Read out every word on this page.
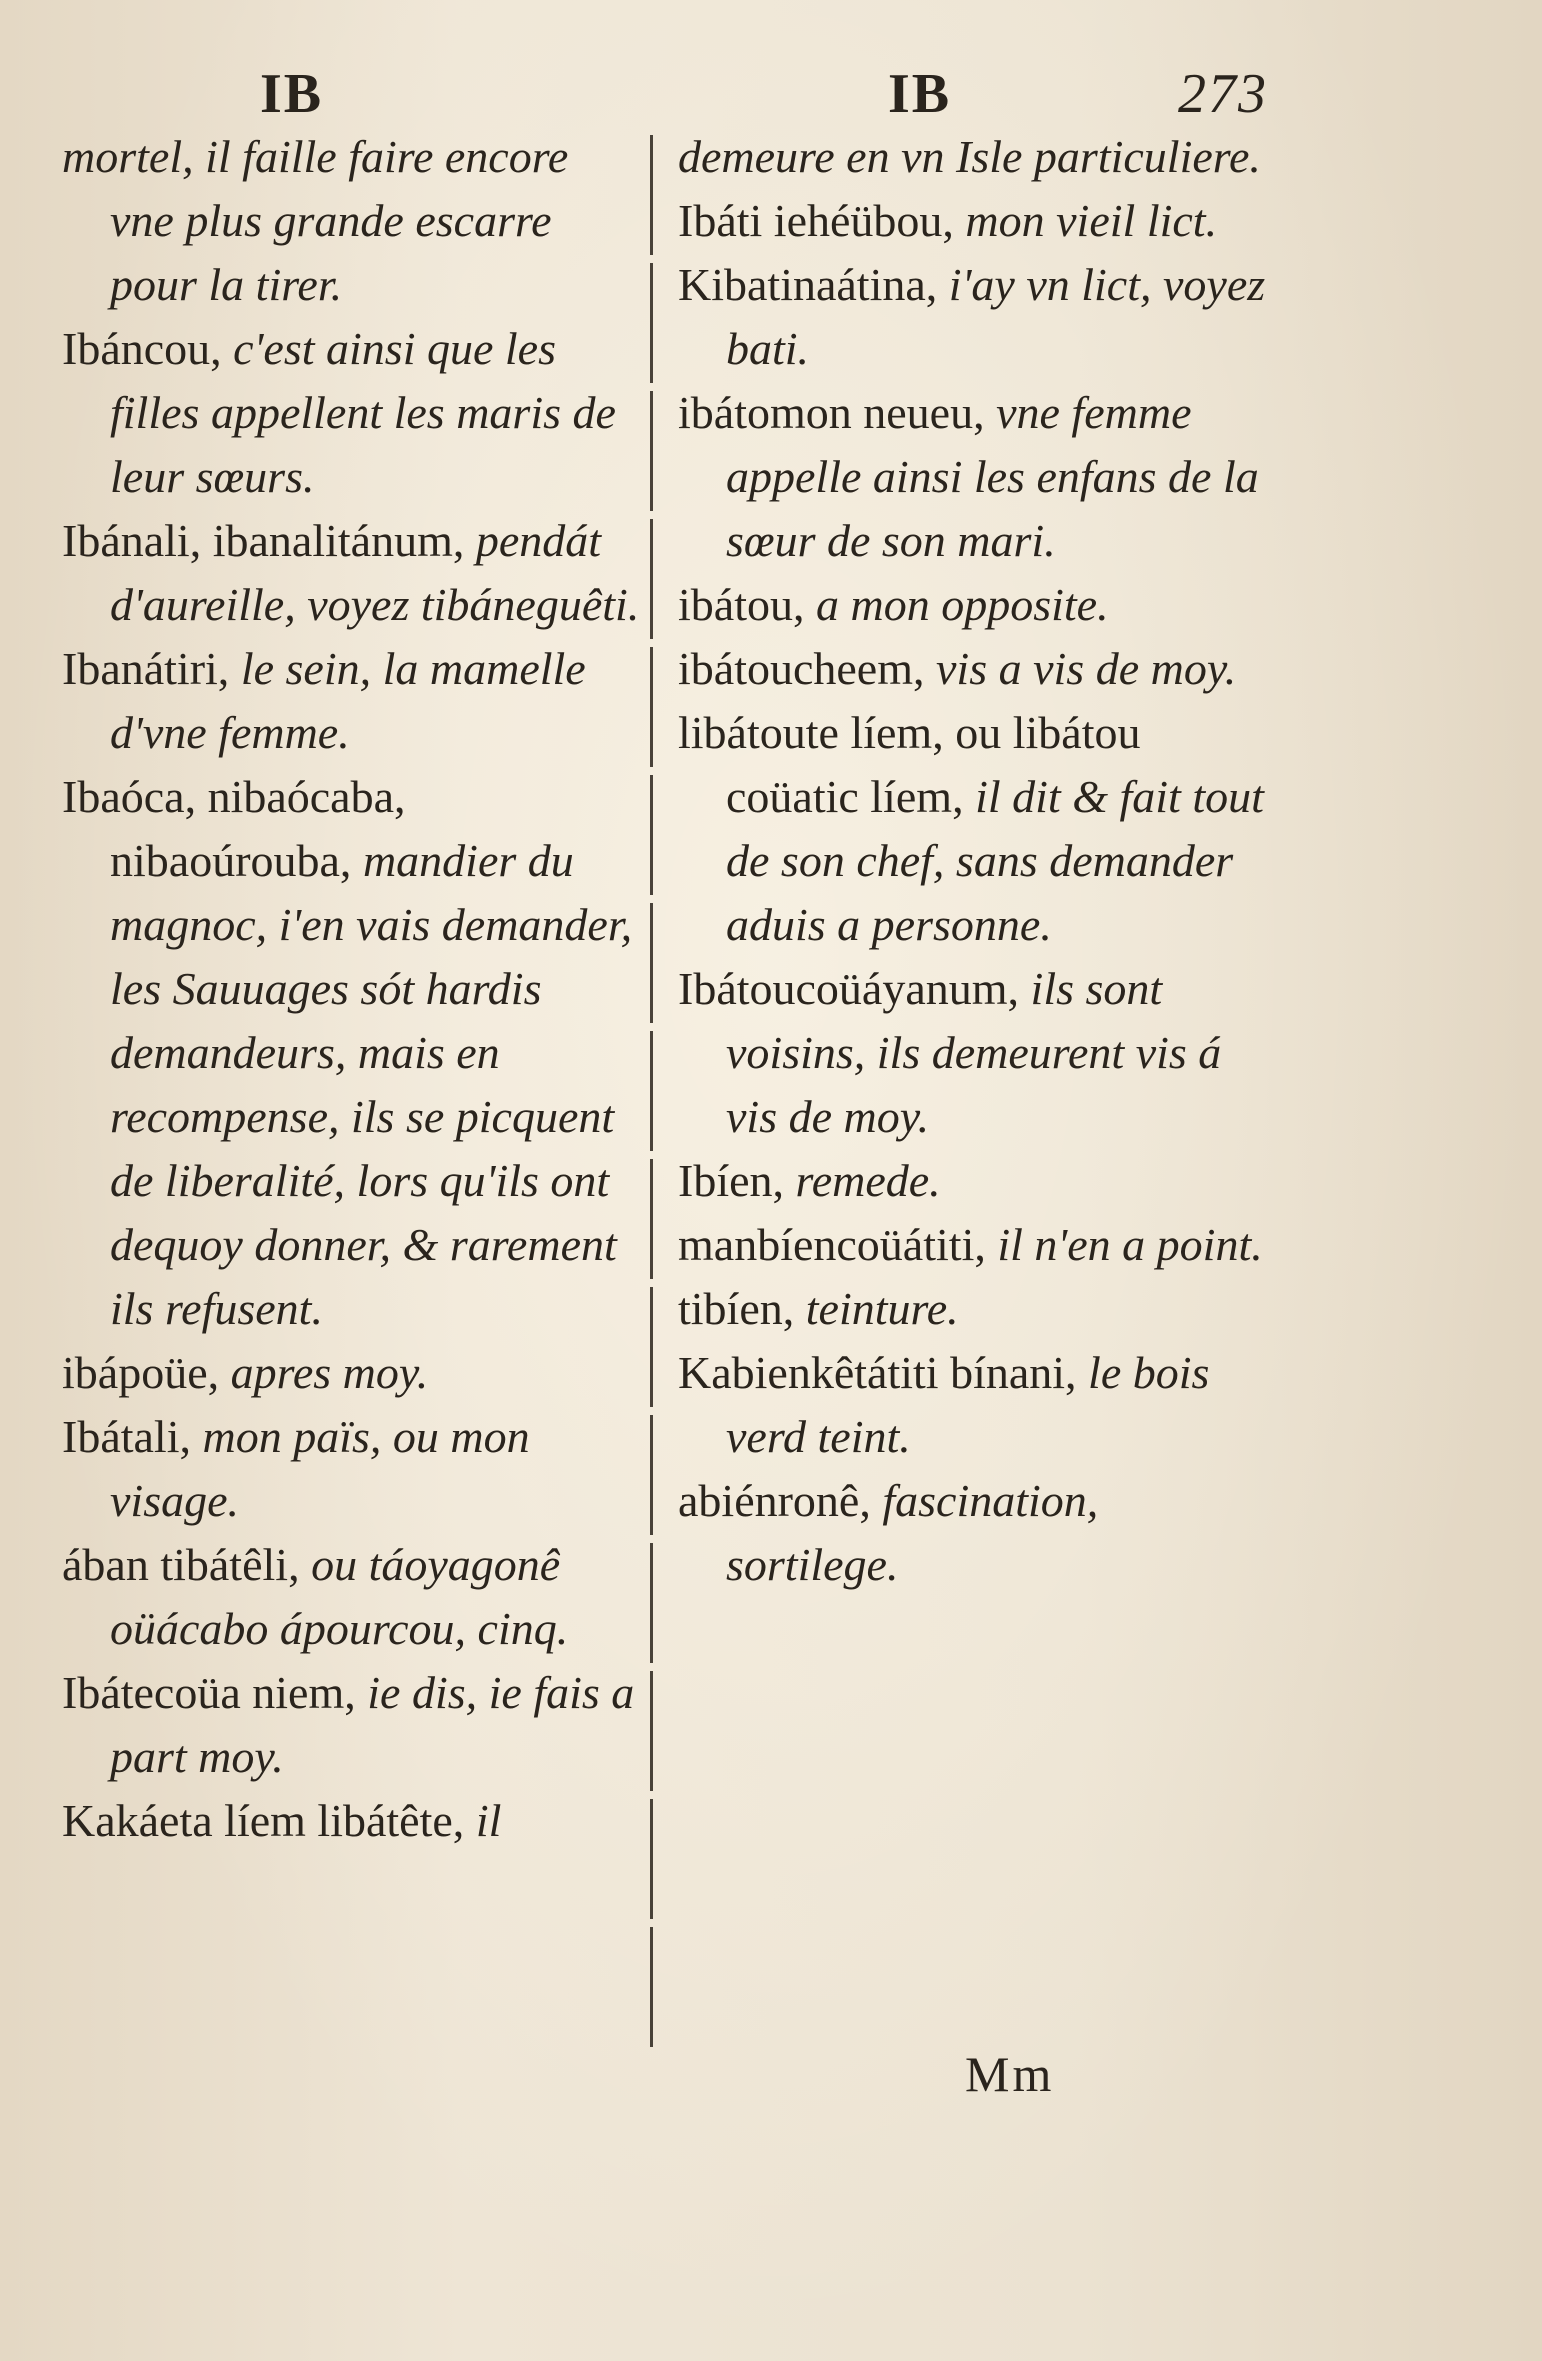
IB	IB	273

mortel, il faille faire encore vne plus grande escarre pour la tirer.

Ibáncou, c'est ainsi que les filles appellent les maris de leur sœurs.

Ibánali, ibanalitánum, pendát d'aureille, voyez tibáneguêti.

Ibanátiri, le sein, la mamelle d'vne femme.

Ibaóca, nibaócaba, nibaoúrouba, mandier du magnoc, i'en vais demander, les Sauuages sót hardis demandeurs, mais en recompense, ils se picquent de liberalité, lors qu'ils ont dequoy donner, & rarement ils refusent.

ibápoüe, apres moy.

Ibátali, mon païs, ou mon visage.

ában tibátêli, ou táoyagonê oüácabo ápourcou, cinq.

Ibátecoüa niem, ie dis, ie fais a part moy.

Kakáeta líem libátête, il

demeure en vn Isle particuliere.

Ibáti iehéübou, mon vieil lict.

Kibatinaátina, i'ay vn lict, voyez bati.

ibátomon neueu, vne femme appelle ainsi les enfans de la sœur de son mari.

ibátou, a mon opposite.

ibátoucheem, vis a vis de moy.

libátoute líem, ou libátou coüatic líem, il dit & fait tout de son chef, sans demander aduis a personne.

Ibátoucoüáyanum, ils sont voisins, ils demeurent vis á vis de moy.

Ibíen, remede.

manbíencoüátiti, il n'en a point.

tibíen, teinture.

Kabienkêtátiti bínani, le bois verd teint.

abiénronê, fascination, sortilege.

Mm
